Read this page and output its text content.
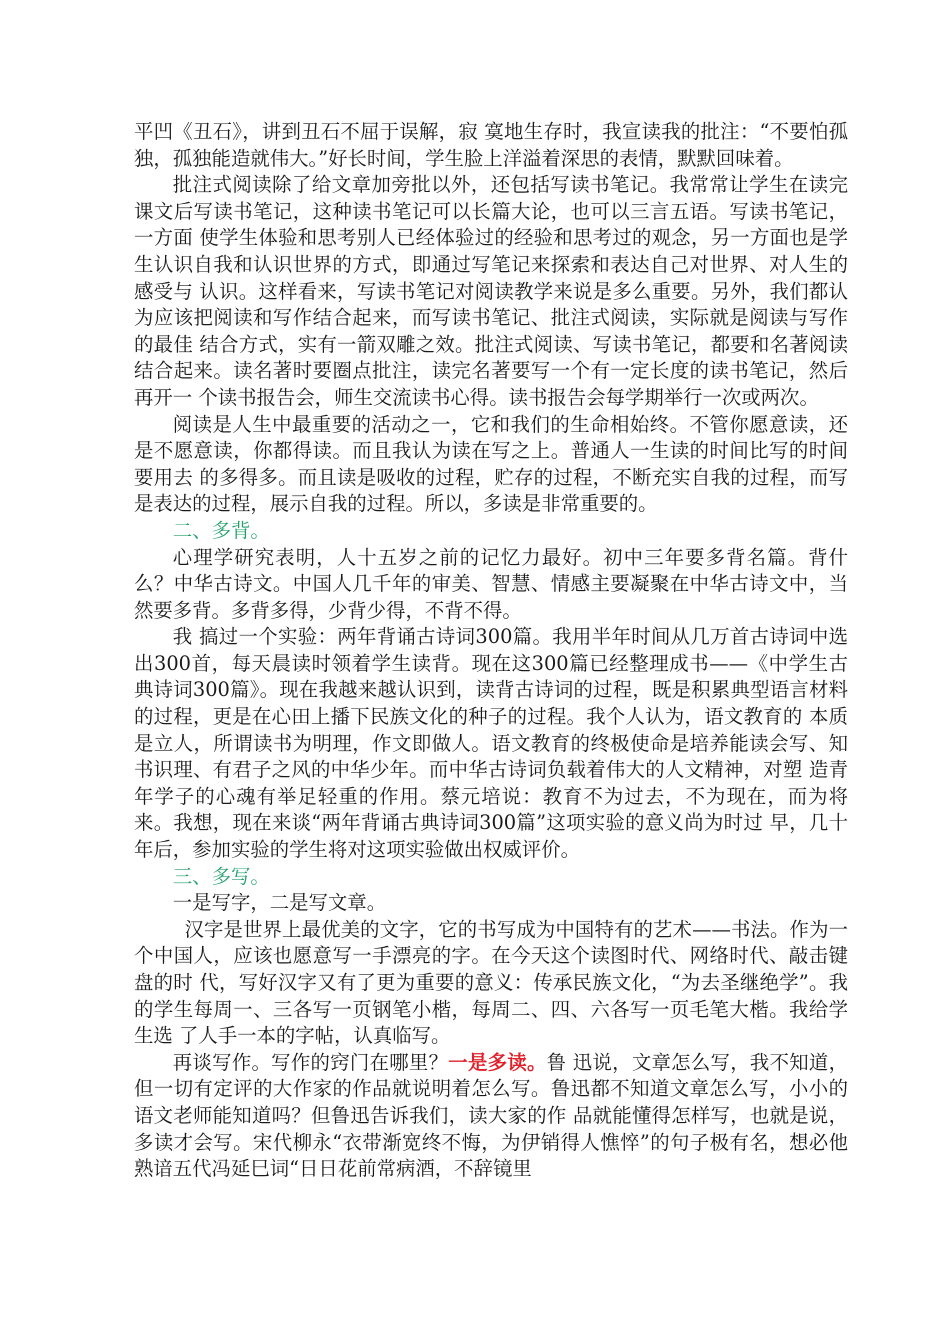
平凹《丑石》，讲到丑石不屈于误解，寂 寞地生存时，我宣读我的批注：“不要怕孤独，孤独能造就伟大。”好长时间，学生脸上洋溢着深思的表情，默默回味着。

批注式阅读除了给文章加旁批以外，还包括写读书笔记。我常常让学生在读完课文后写读书笔记，这种读书笔记可以长篇大论，也可以三言五语。写读书笔记，一方面 使学生体验和思考别人已经体验过的经验和思考过的观念，另一方面也是学生认识自我和认识世界的方式，即通过写笔记来探索和表达自己对世界、对人生的感受与 认识。这样看来，写读书笔记对阅读教学来说是多么重要。另外，我们都认为应该把阅读和写作结合起来，而写读书笔记、批注式阅读，实际就是阅读与写作的最佳 结合方式，实有一箭双雕之效。批注式阅读、写读书笔记，都要和名著阅读结合起来。读名著时要圈点批注，读完名著要写一个有一定长度的读书笔记，然后再开一 个读书报告会，师生交流读书心得。读书报告会每学期举行一次或两次。

阅读是人生中最重要的活动之一，它和我们的生命相始终。不管你愿意读，还是不愿意读，你都得读。而且我认为读在写之上。普通人一生读的时间比写的时间要用去 的多得多。而且读是吸收的过程，贮存的过程，不断充实自我的过程，而写是表达的过程，展示自我的过程。所以，多读是非常重要的。

二、多背。

心理学研究表明，人十五岁之前的记忆力最好。初中三年要多背名篇。背什么？中华古诗文。中国人几千年的审美、智慧、情感主要凝聚在中华古诗文中，当然要多背。多背多得，少背少得，不背不得。

我 搞过一个实验：两年背诵古诗词300篇。我用半年时间从几万首古诗词中选出300首，每天晨读时领着学生读背。现在这300篇已经整理成书——《中学生古 典诗词300篇》。现在我越来越认识到，读背古诗词的过程，既是积累典型语言材料的过程，更是在心田上播下民族文化的种子的过程。我个人认为，语文教育的 本质是立人，所谓读书为明理，作文即做人。语文教育的终极使命是培养能读会写、知书识理、有君子之风的中华少年。而中华古诗词负载着伟大的人文精神，对塑 造青年学子的心魂有举足轻重的作用。蔡元培说：教育不为过去，不为现在，而为将来。我想，现在来谈“两年背诵古典诗词300篇”这项实验的意义尚为时过 早，几十年后，参加实验的学生将对这项实验做出权威评价。

三、多写。

一是写字，二是写文章。

汉字是世界上最优美的文字，它的书写成为中国特有的艺术——书法。作为一个中国人，应该也愿意写一手漂亮的字。在今天这个读图时代、网络时代、敲击键盘的时 代，写好汉字又有了更为重要的意义：传承民族文化，“为去圣继绝学”。我的学生每周一、三各写一页钢笔小楷，每周二、四、六各写一页毛笔大楷。我给学生选 了人手一本的字帖，认真临写。

再谈写作。写作的窍门在哪里？一是多读。鲁 迅说，文章怎么写，我不知道，但一切有定评的大作家的作品就说明着怎么写。鲁迅都不知道文章怎么写，小小的语文老师能知道吗？但鲁迅告诉我们，读大家的作 品就能懂得怎样写，也就是说，多读才会写。宋代柳永“衣带渐宽终不悔，为伊销得人憔悴”的句子极有名，想必他熟谙五代冯延巳词“日日花前常病酒，不辞镜里
